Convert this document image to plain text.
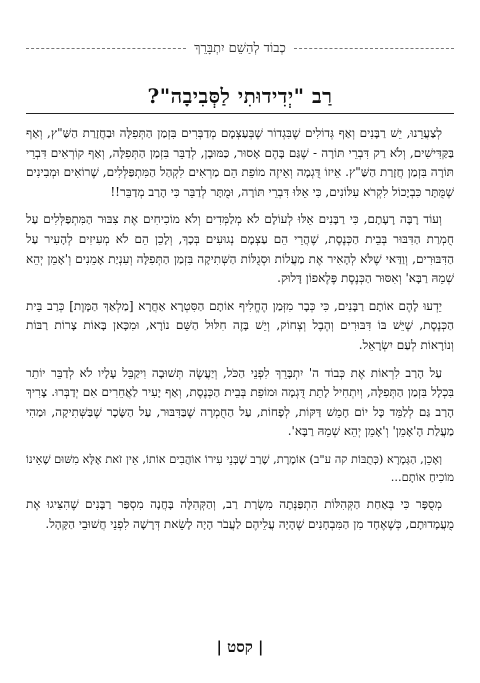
כְבוֹד לְהַשֵׁם יִתְבָּרֵךְ
רַב "יְדִידוּתִי לַסְּבִיבָה"?

לְצַעֲרֵנוּ, יֵשׁ רַבָּנִים וְאַף גְּדוֹלִים שֶׁבִּגְדוֹר שֶׁבְּעַצְמָם מְדַבְּרִים בִּזְמַן הַתְּפִלָּה וּבַחֲזָרַת הַשַּׁ"ץ, וְאַף בַּקַּדִּישִׁים, וְלֹא רַק דִּבְרֵי תּוֹרָה - שֶׁגַּם בָּהֶם אָסוּר, כַּמּוּבָן, לְדַבֵּר בִּזְמַן הַתְּפִלָּה, וְאַף קוֹרְאִים דִּבְרֵי תּוֹרָה בִּזְמַן חֲזָרַת הַשַּׁ"ץ. אֵיזוֹ דֻּגְמָה וְאֵיזֶה מוֹפֵת הֵם מַרְאִים לִקְהַל הַמִּתְפַּלְּלִים, שֶׁרוֹאִים וּמְבִינִים שֶׁמֻּתָּר כִּבְיָכוֹל לִקְרֹא עִלּוֹנִים, כִּי אֵלּוּ דִּבְרֵי תּוֹרָה, וּמֻתָּר לְדַבֵּר כִּי הָרַב מְדַבֵּר!!

וְעוֹד רָבָּה רָעָתָם, כִּי רַבָּנִים אֵלּוּ לְעוֹלָם לֹא מְלַמְּדִים וְלֹא מוֹכִיחִים אֶת צִבּוּר הַמִּתְפַּלְּלִים עַל חֻמְרַת הַדִּבּוּר בְּבֵית הַכְּנֶסֶת, שֶׁהֲרֵי הֵם עַצְמָם נְגוּעִים בְּכָךְ, וְלָכֵן הֵם לֹא מְעִיזִים לְהָעִיר עַל הַדִּבּוּרִים, וְוַדַּאי שֶׁלֹּא לְהָאִיר אֶת מַעֲלוֹת וּסְגֻלּוֹת הַשְּׁתִיקָה בִּזְמַן הַתְּפִלָּה וְעִנְיַת אָמֵנִים וְ'אָמֵן יְהֵא שְׁמֵהּ רַבָּא' וְאִסּוּר הַכְּנֶסֶת פֶּלֶאפוֹן דָּלוּק.

יֵדְעוּ לָהֶם אוֹתָם רַבָּנִים, כִּי כְּבָר מִזְּמַן הֶחֱלִיף אוֹתָם הַסִּטְרָא אַחֲרָא [מַלְאַךְ הַמָּוֶת] כְּרַב בֵּית הַכְּנֶסֶת, שֶׁיֵּשׁ בּוֹ דִּבּוּרִים וְהֶבֶל וְצְחוֹק, וְיֵשׁ בָּזֶה חִלּוּל הַשֵּׁם נוֹרָא, וּמִכָּאן בָּאוֹת צָרוֹת רַבּוֹת וְנוֹרָאוֹת לְעַם יִשְׂרָאֵל.

עַל הָרַב לִרְאוֹת אֶת כְּבוֹד ה' יִתְבָּרֵךְ לִפְנֵי הַכֹּל, וְיַעֲשֶׂה תְּשׁוּבָה וִיקַבֵּל עָלָיו לֹא לְדַבֵּר יוֹתֵר בִּכְלָל בִּזְמַן הַתְּפִלָּה, וְיִתְחִיל לָתֵת דֻּגְמָה וּמוֹפֵת בְּבֵית הַכְּנֶסֶת, וְאַף יָעִיר לַאֲחֵרִים אִם יְדַבְּרוּ. צָרִיךְ הָרַב גַּם לְלַמֵּד כָּל יוֹם חָמֵשׁ דַּקּוֹת, לְפָחוֹת, עַל הַחֻמְרָה שֶׁבַּדִּבּוּר, עַל הַשָּׂכָר שֶׁבַּשְּׁתִיקָה, וּמַהִי מַעֲלַת הָ'אָמֵן' וְ'אָמֵן יְהֵא שְׁמֵהּ רַבָּא'.

וְאָכֵן, הַגְּמָרָא (כְּתֻבּוֹת קה ע"ב) אוֹמֶרֶת, שֶׁרַב שֶׁבְּנֵי עִירוֹ אוֹהֲבִים אוֹתוֹ, אֵין זֹאת אֶלָּא מִשּׁוּם שֶׁאֵינוֹ מוֹכִיחַ אוֹתָם...

מְסֻפָּר כִּי בְּאַחַת הַקְּהִלּוֹת הִתְפַּנְּתָה מִשְׂרַת רַב, וְהַקְּהִלָּה בָּחֲנָה מִסְפַּר רַבָּנִים שֶׁהִצִּיגוּ אֶת מֻעֲמָדוּתָם, כְּשֶׁאֶחָד מִן הַמִּבְחָנִים שֶׁהָיָה עֲלֵיהֶם לַעֲבֹר הָיָה לָשֵׂאת דְּרָשָׁה לִפְנֵי חֲשׁוּבֵי הַקָּהָל.

| קסט |
